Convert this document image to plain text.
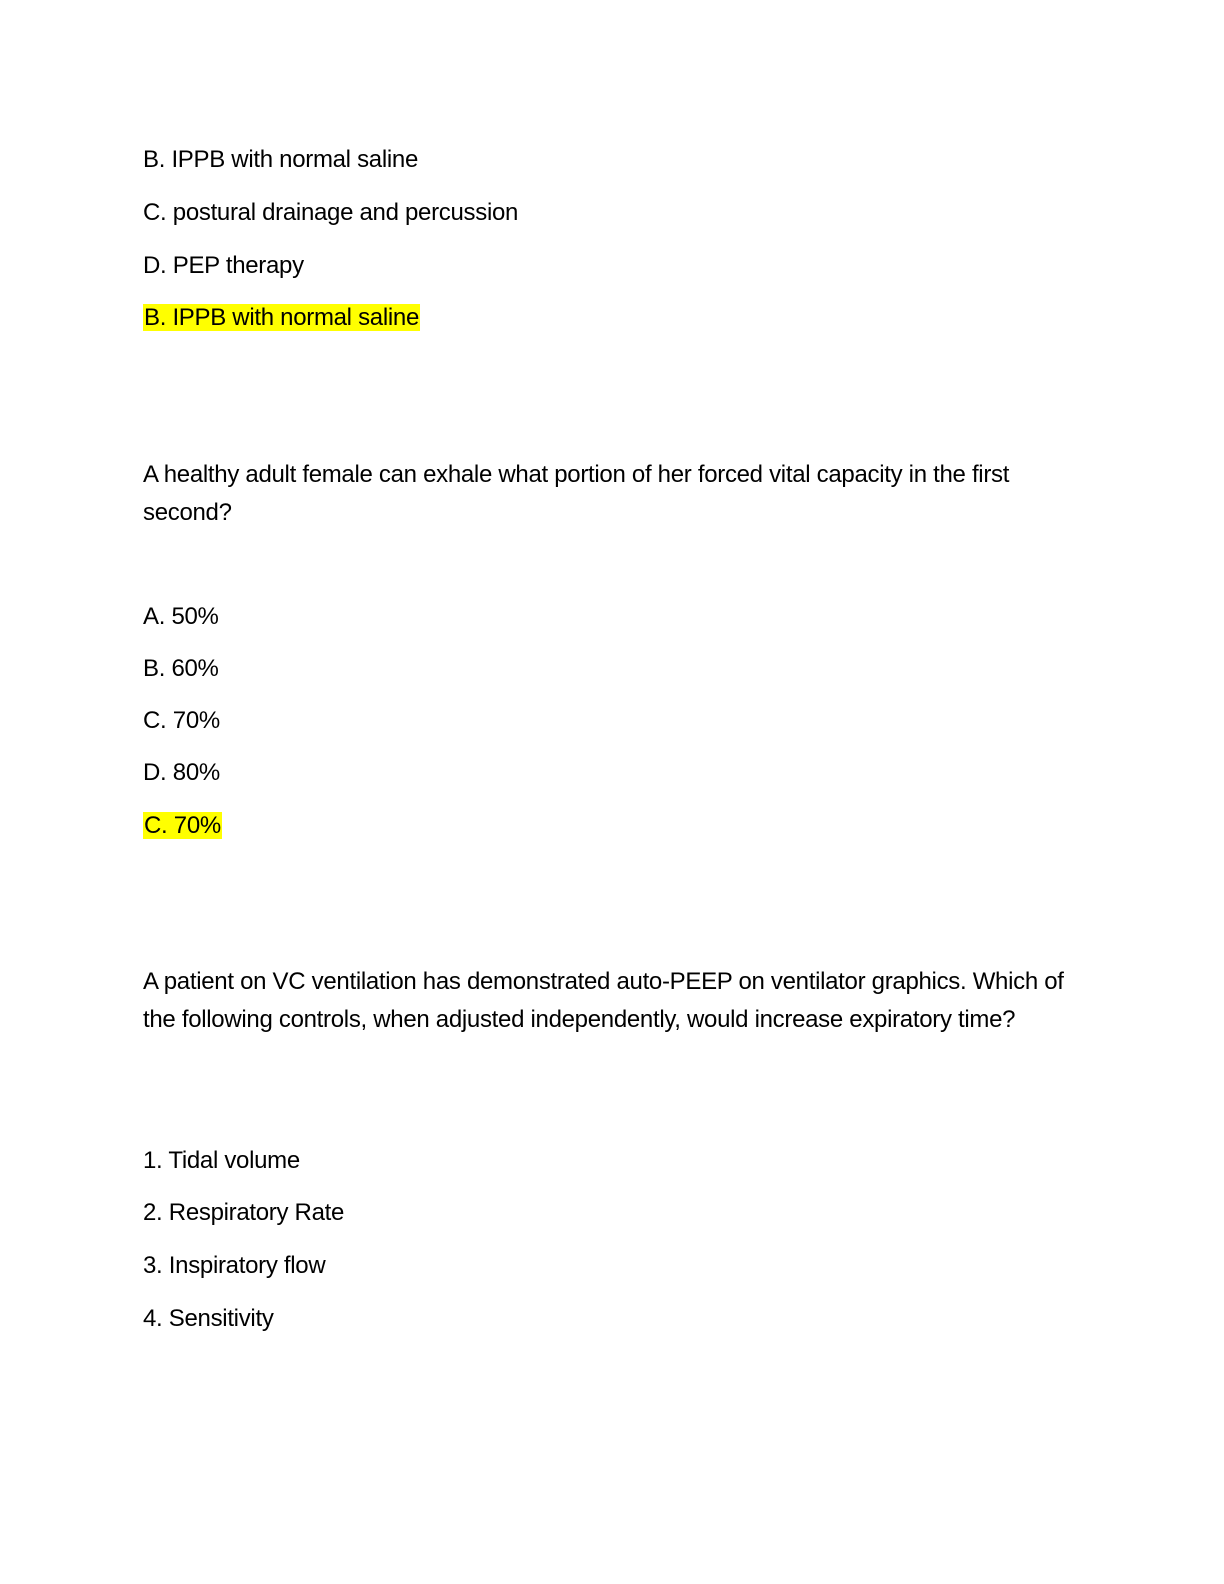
B. IPPB with normal saline
C. postural drainage and percussion
D. PEP therapy
B. IPPB with normal saline
A healthy adult female can exhale what portion of her forced vital capacity in the first second?
A. 50%
B. 60%
C. 70%
D. 80%
C. 70%
A patient on VC ventilation has demonstrated auto-PEEP on ventilator graphics. Which of the following controls, when adjusted independently, would increase expiratory time?
1. Tidal volume
2. Respiratory Rate
3. Inspiratory flow
4. Sensitivity
